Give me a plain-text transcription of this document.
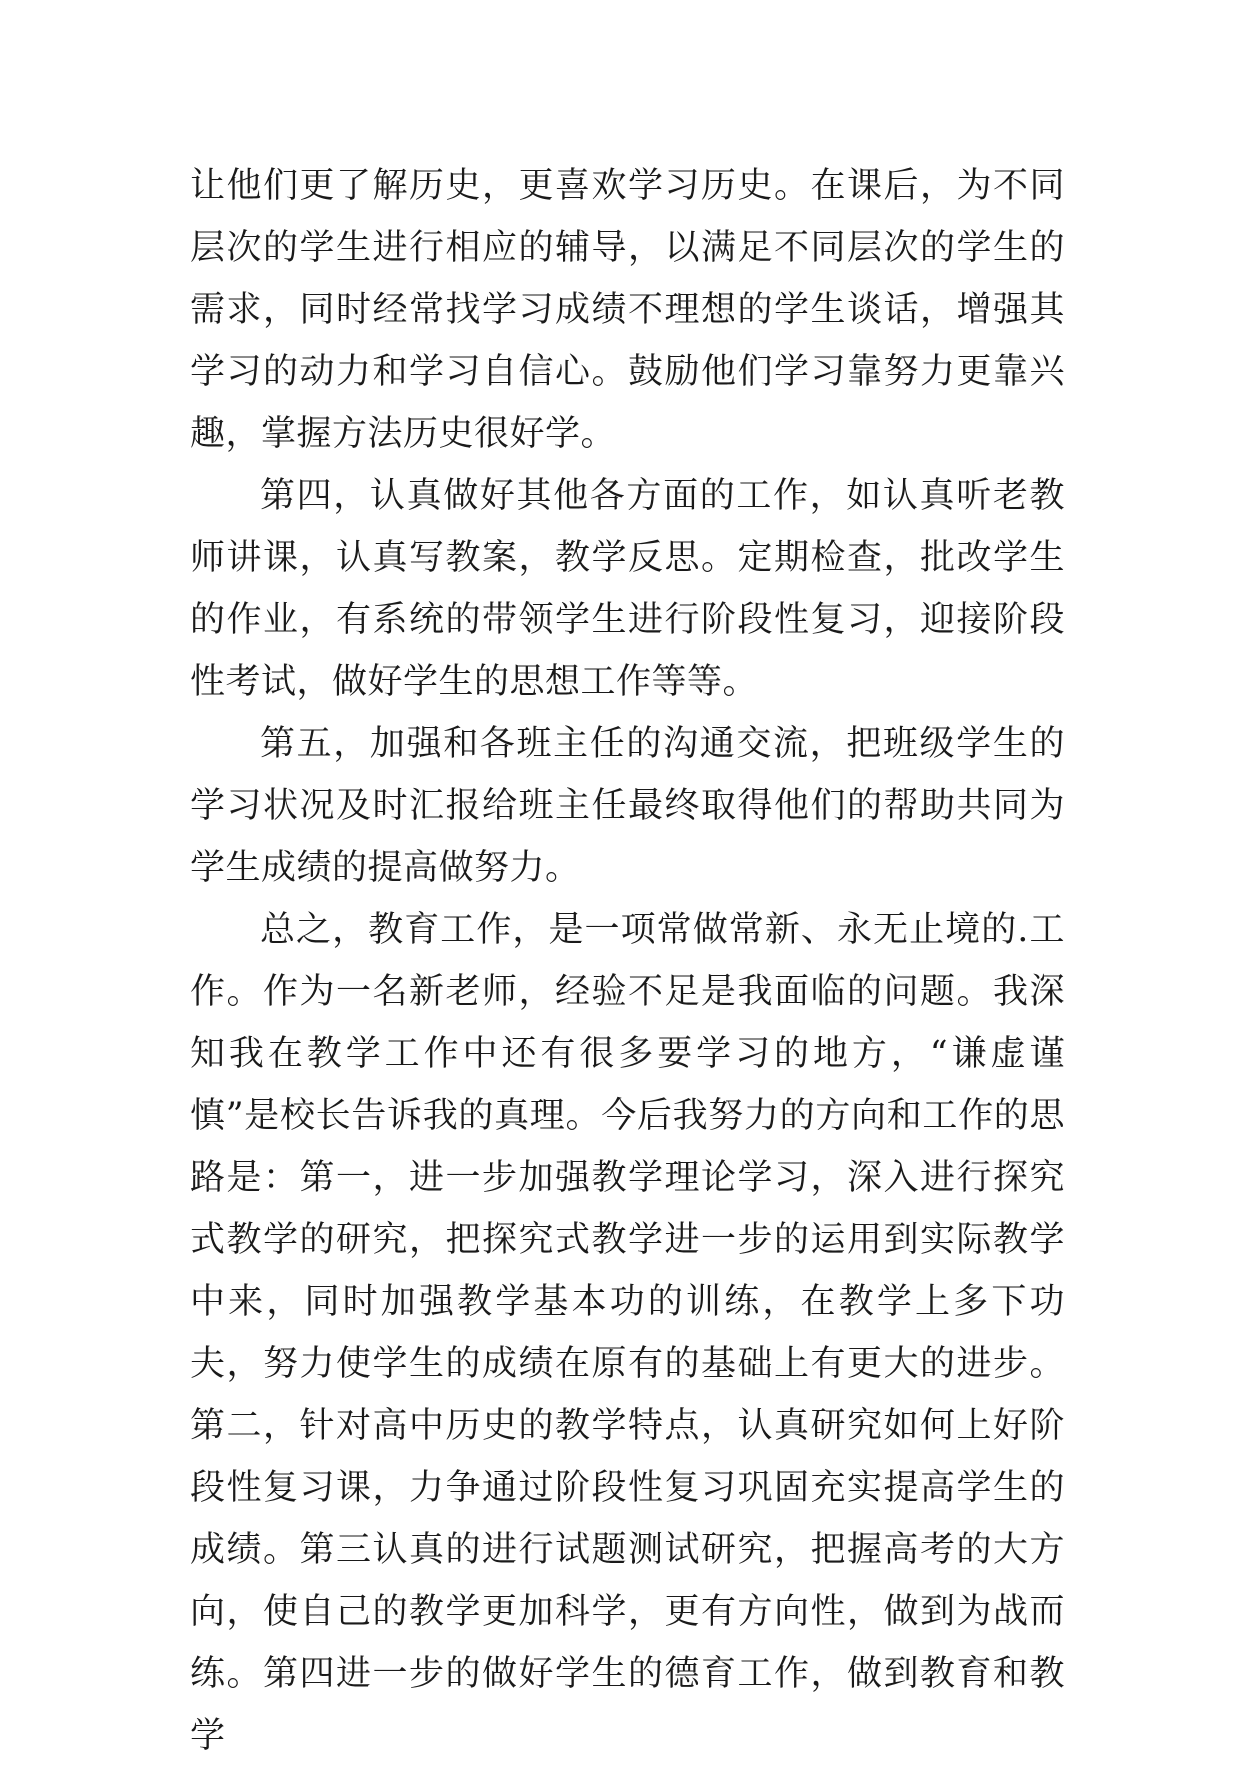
让他们更了解历史，更喜欢学习历史。在课后，为不同层次的学生进行相应的辅导，以满足不同层次的学生的需求，同时经常找学习成绩不理想的学生谈话，增强其学习的动力和学习自信心。鼓励他们学习靠努力更靠兴趣，掌握方法历史很好学。

第四，认真做好其他各方面的工作，如认真听老教师讲课，认真写教案，教学反思。定期检查，批改学生的作业，有系统的带领学生进行阶段性复习，迎接阶段性考试，做好学生的思想工作等等。

第五，加强和各班主任的沟通交流，把班级学生的学习状况及时汇报给班主任最终取得他们的帮助共同为学生成绩的提高做努力。

总之，教育工作，是一项常做常新、永无止境的.工作。作为一名新老师，经验不足是我面临的问题。我深知我在教学工作中还有很多要学习的地方，“谦虚谨慎”是校长告诉我的真理。今后我努力的方向和工作的思路是：第一，进一步加强教学理论学习，深入进行探究式教学的研究，把探究式教学进一步的运用到实际教学中来，同时加强教学基本功的训练，在教学上多下功夫，努力使学生的成绩在原有的基础上有更大的进步。第二，针对高中历史的教学特点，认真研究如何上好阶段性复习课，力争通过阶段性复习巩固充实提高学生的成绩。第三认真的进行试题测试研究，把握高考的大方向，使自己的教学更加科学，更有方向性，做到为战而练。第四进一步的做好学生的德育工作，做到教育和教学
